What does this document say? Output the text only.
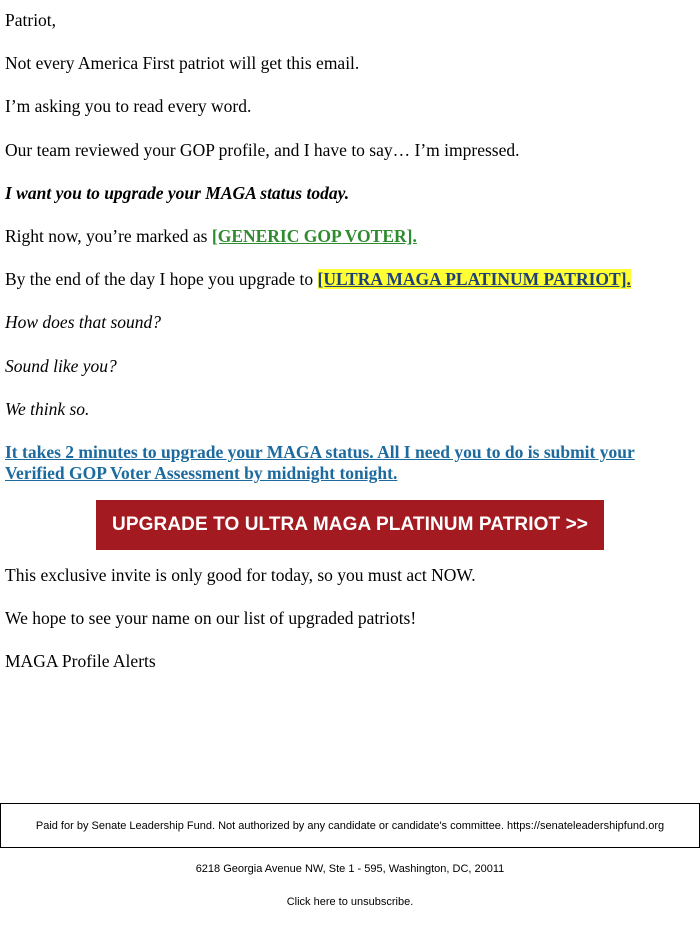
Patriot,

Not every America First patriot will get this email.

I’m asking you to read every word.

Our team reviewed your GOP profile, and I have to say… I’m impressed.

I want you to upgrade your MAGA status today.

Right now, you’re marked as [GENERIC GOP VOTER].

By the end of the day I hope you upgrade to [ULTRA MAGA PLATINUM PATRIOT].

How does that sound?

Sound like you?

We think so.

It takes 2 minutes to upgrade your MAGA status. All I need you to do is submit your Verified GOP Voter Assessment by midnight tonight.

UPGRADE TO ULTRA MAGA PLATINUM PATRIOT >>

This exclusive invite is only good for today, so you must act NOW.

We hope to see your name on our list of upgraded patriots!

MAGA Profile Alerts

Paid for by Senate Leadership Fund. Not authorized by any candidate or candidate's committee. https://senateleadershipfund.org
6218 Georgia Avenue NW, Ste 1 - 595, Washington, DC, 20011
Click here to unsubscribe.
